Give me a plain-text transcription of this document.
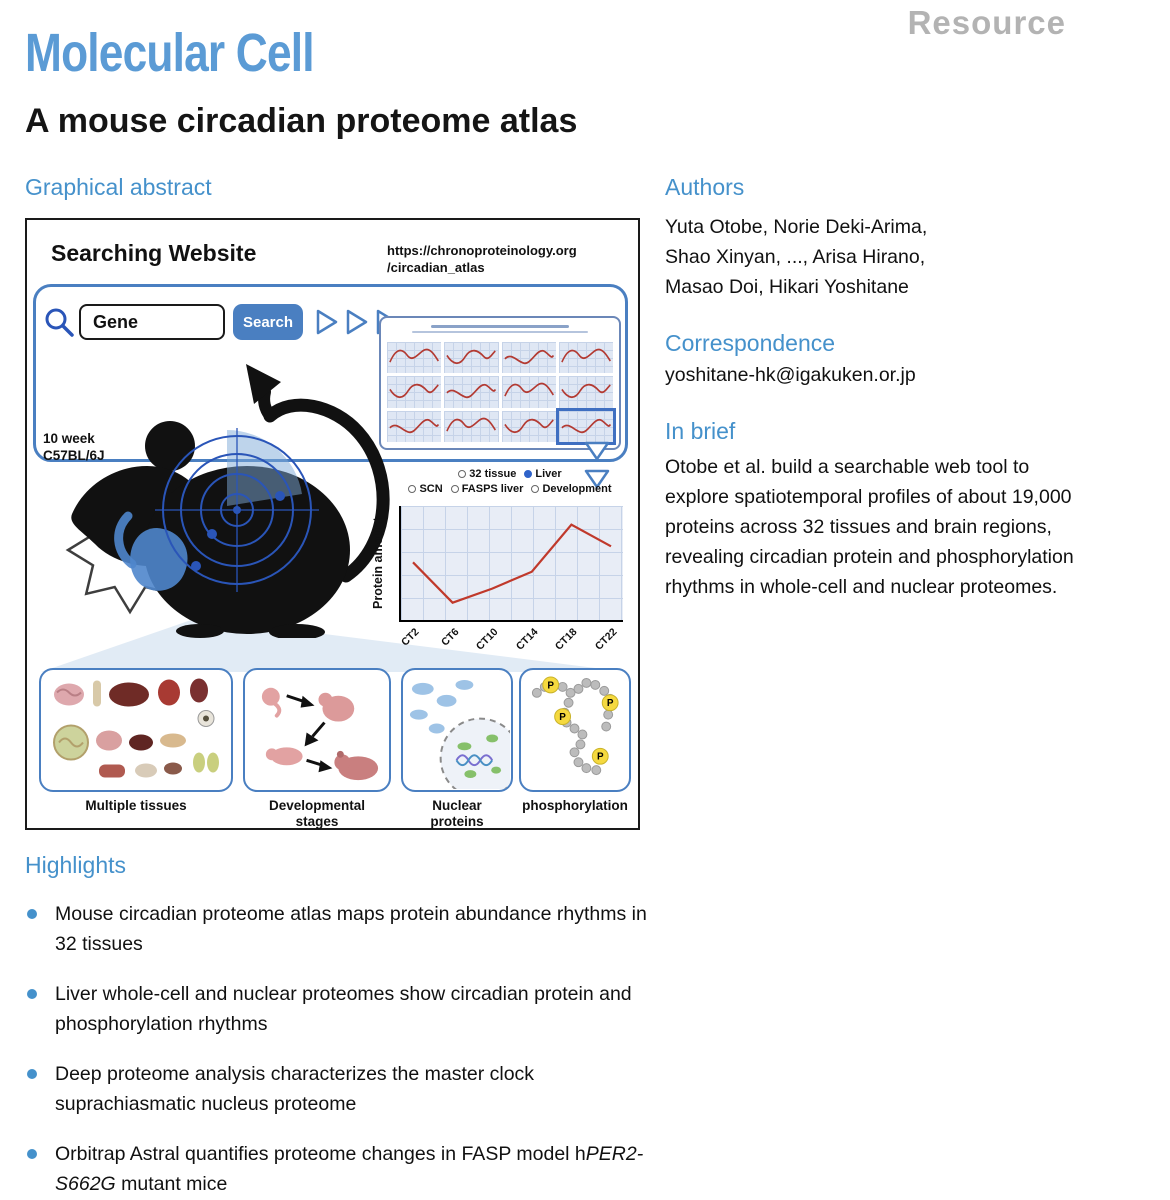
Resource
Molecular Cell
A mouse circadian proteome atlas
Graphical abstract
Searching Website	https://chronoproteinology.org
/circadian_atlas
Gene
Search
10 week
C57BL/6J
32 tissue Liver
SCN FASPS liver Development
Protein amount
CT2	CT6	CT10	CT14	CT18	CT22
P
P
P
P
Multiple tissues	Developmental
stages
Nuclear
proteins
phosphorylation
Authors
Yuta Otobe, Norie Deki-Arima,
Shao Xinyan, ..., Arisa Hirano,
Masao Doi, Hikari Yoshitane
Correspondence
yoshitane-hk@igakuken.or.jp
In brief
Otobe et al. build a searchable web tool to explore spatiotemporal profiles of about 19,000 proteins across 32 tissues and brain regions, revealing circadian protein and phosphorylation rhythms in whole-cell and nuclear proteomes.
Highlights
Mouse circadian proteome atlas maps protein abundance rhythms in 32 tissues
Liver whole-cell and nuclear proteomes show circadian protein and phosphorylation rhythms
Deep proteome analysis characterizes the master clock suprachiasmatic nucleus proteome
Orbitrap Astral quantifies proteome changes in FASP model hPER2-S662G mutant mice
